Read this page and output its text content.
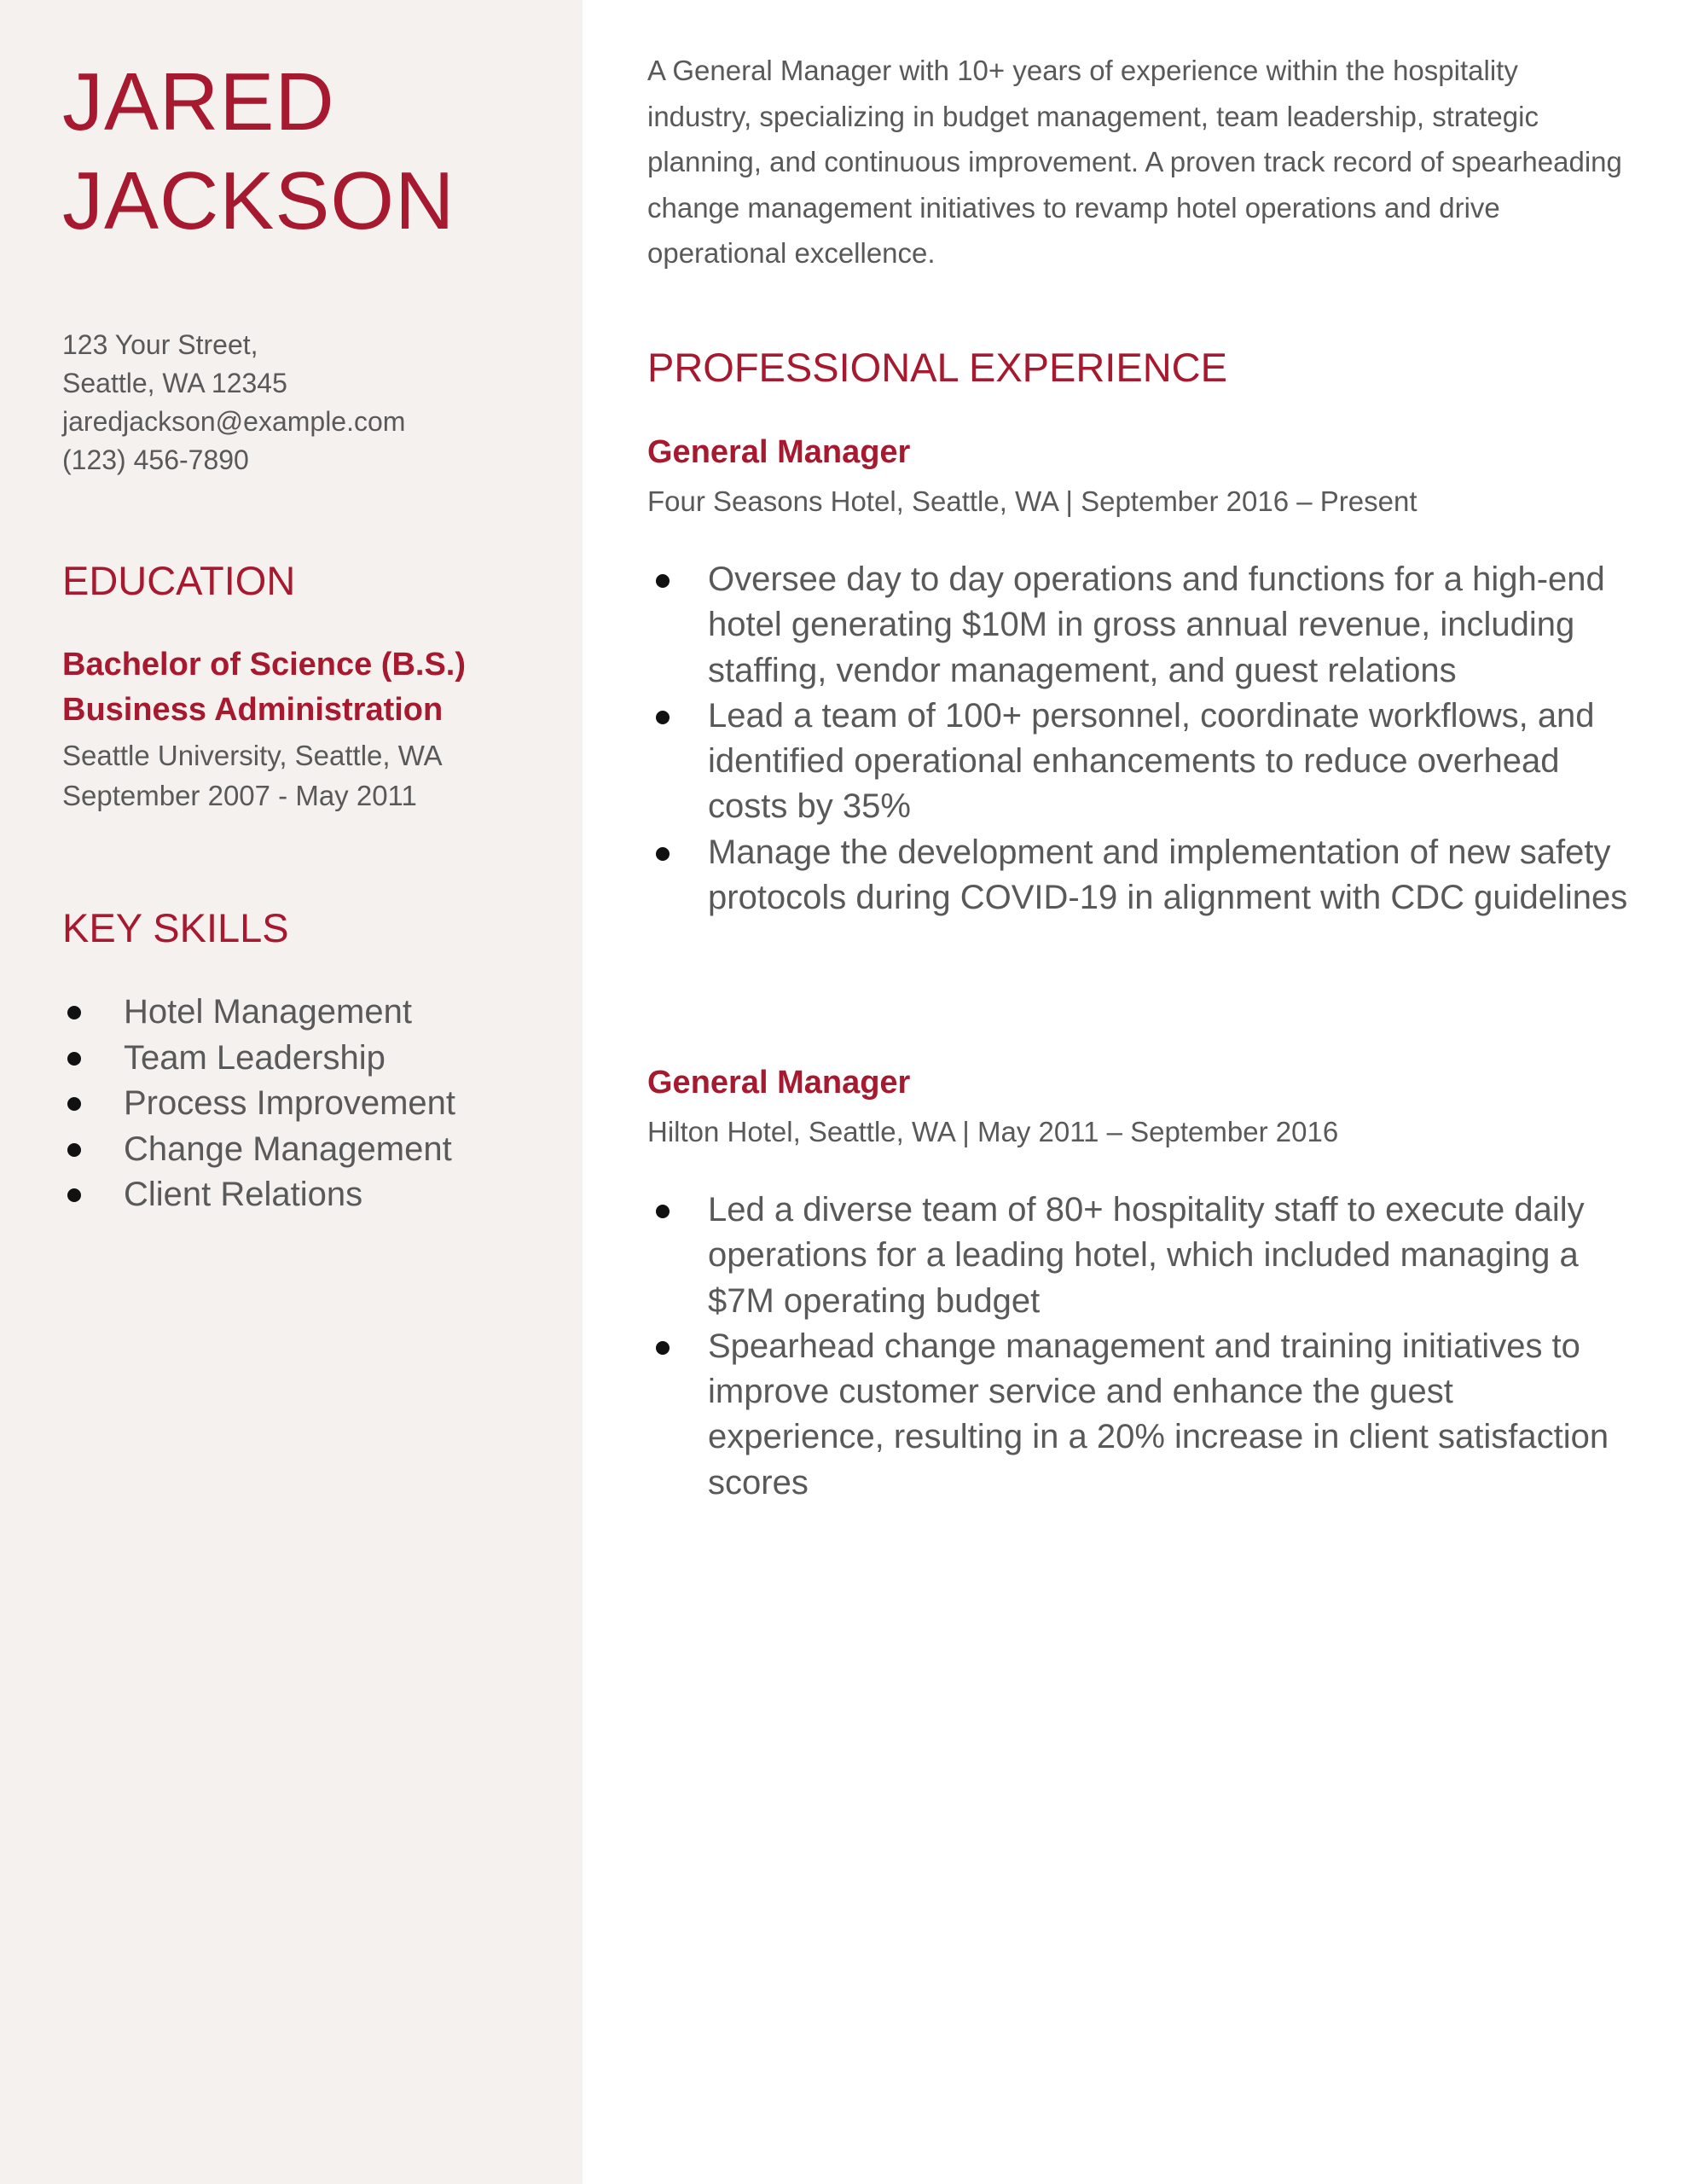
JARED
JACKSON
123 Your Street,
Seattle, WA 12345
jaredjackson@example.com
(123) 456-7890
EDUCATION
Bachelor of Science (B.S.)
Business Administration
Seattle University, Seattle, WA
September 2007 - May 2011
KEY SKILLS
Hotel Management
Team Leadership
Process Improvement
Change Management
Client Relations
A General Manager with 10+ years of experience within the hospitality industry, specializing in budget management, team leadership, strategic planning, and continuous improvement. A proven track record of spearheading change management initiatives to revamp hotel operations and drive operational excellence.
PROFESSIONAL EXPERIENCE
General Manager
Four Seasons Hotel, Seattle, WA | September 2016 – Present
Oversee day to day operations and functions for a high-end hotel generating $10M in gross annual revenue, including staffing, vendor management, and guest relations
Lead a team of 100+ personnel, coordinate workflows, and identified operational enhancements to reduce overhead costs by 35%
Manage the development and implementation of new safety protocols during COVID-19 in alignment with CDC guidelines
General Manager
Hilton Hotel, Seattle, WA | May 2011 – September 2016
Led a diverse team of 80+ hospitality staff to execute daily operations for a leading hotel, which included managing a $7M operating budget
Spearhead change management and training initiatives to improve customer service and enhance the guest experience, resulting in a 20% increase in client satisfaction scores
